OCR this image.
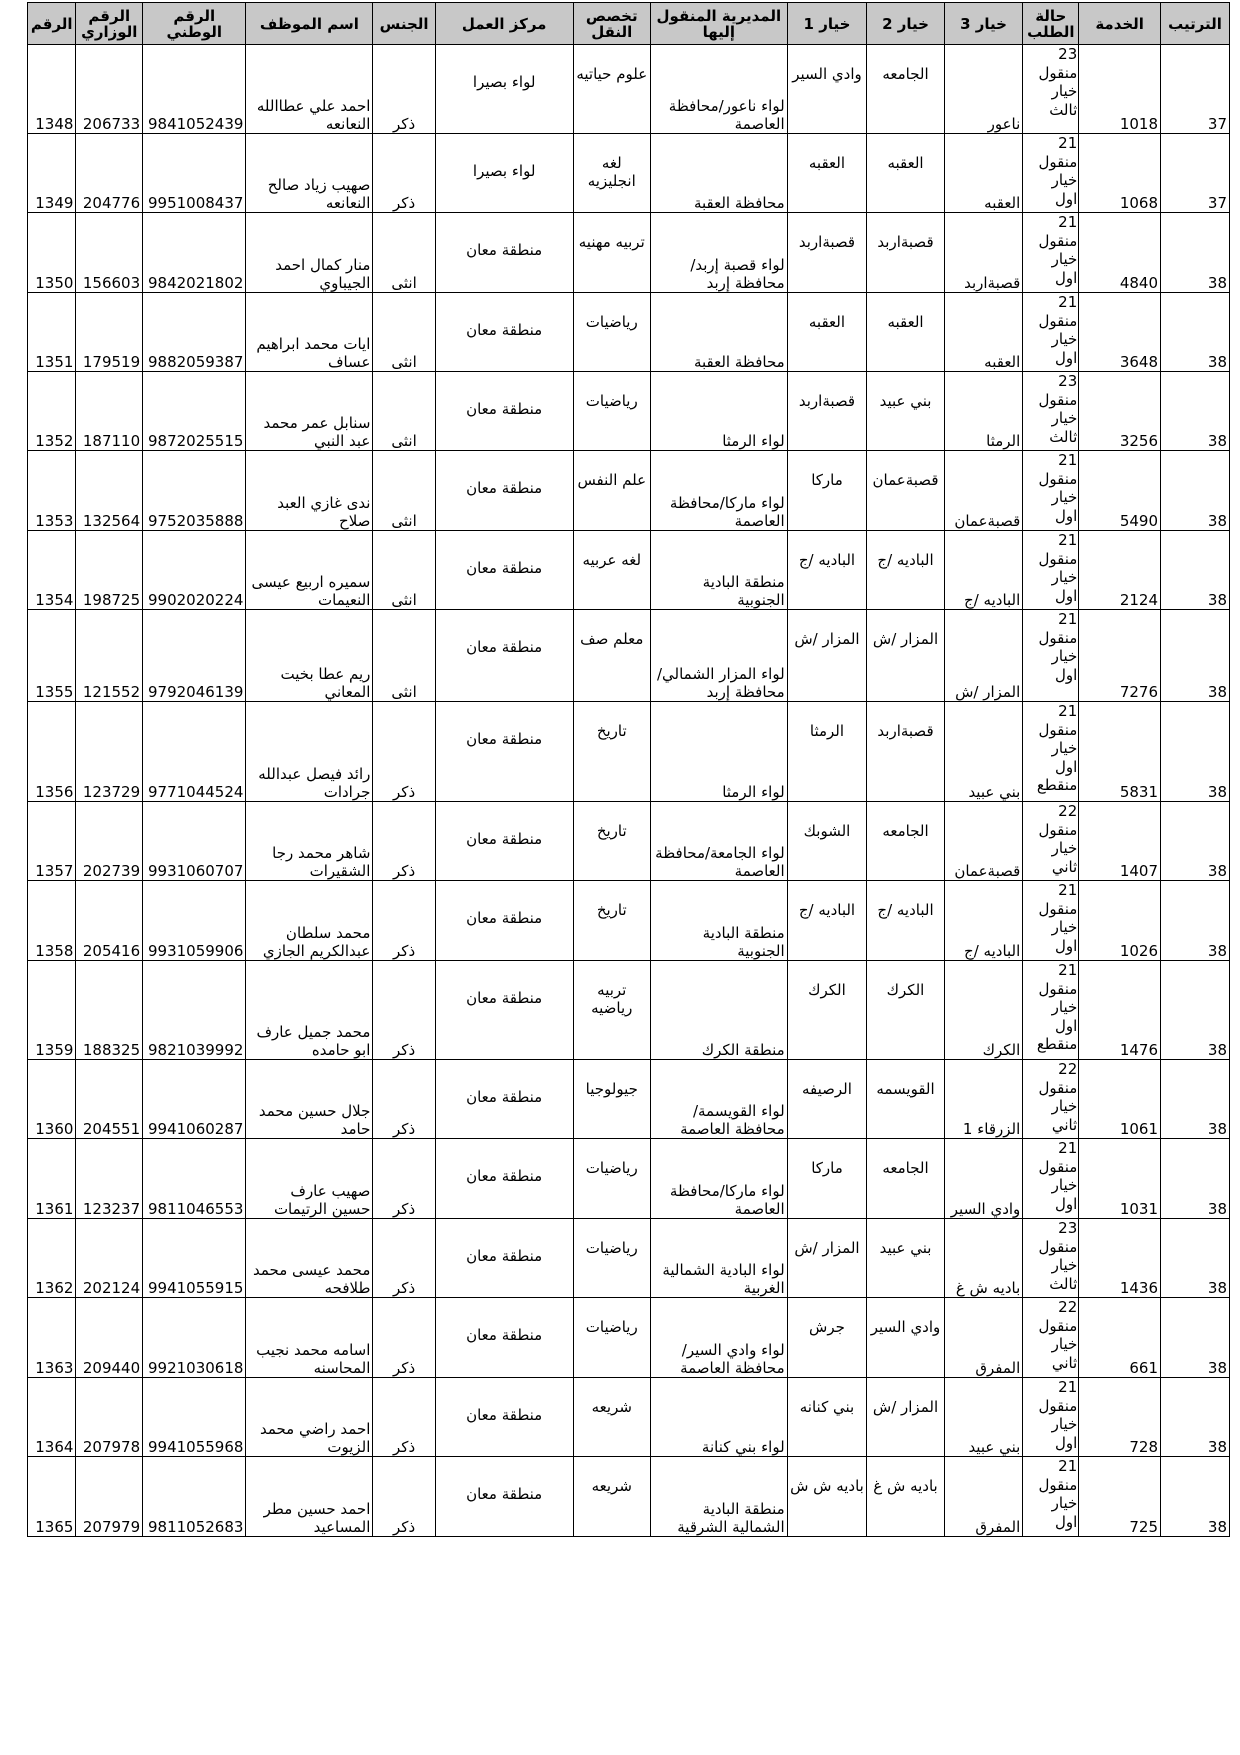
الرقم	الرقم الوزاري	الرقم الوطني	اسم الموظف	الجنس	مركز العمل	تخصص النقل	المديرية المنقول إليها	خيار 1	خيار 2	خيار 3	حالة الطلب	الخدمة	الترتيب
1348	206733	9841052439	احمد علي عطاالله النعانعه	ذكر	لواء بصيرا	علوم حياتيه	لواء ناعور/محافظة العاصمة	وادي السير	الجامعه	ناعور	23
منقول
خيار
ثالث	1018	37
1349	204776	9951008437	صهيب زياد صالح النعانعه	ذكر	لواء بصيرا	لغه انجليزيه	محافظة العقبة	العقبه	العقبه	العقبه	21
منقول
خيار
اول	1068	37
1350	156603	9842021802	منار كمال احمد الجيباوي	انثى	منطقة معان	تربيه مهنيه	لواء قصبة إربد/محافظة إربد	قصبةاربد	قصبةاربد	قصبةاربد	21
منقول
خيار
اول	4840	38
1351	179519	9882059387	ايات محمد ابراهيم عساف	انثى	منطقة معان	رياضيات	محافظة العقبة	العقبه	العقبه	العقبه	21
منقول
خيار
اول	3648	38
1352	187110	9872025515	سنابل عمر محمد عبد النبي	انثى	منطقة معان	رياضيات	لواء الرمثا	قصبةاربد	بني عبيد	الرمثا	23
منقول
خيار
ثالث	3256	38
1353	132564	9752035888	ندى غازي العبد صلاح	انثى	منطقة معان	علم النفس	لواء ماركا/محافظة العاصمة	ماركا	قصبةعمان	قصبةعمان	21
منقول
خيار
اول	5490	38
1354	198725	9902020224	سميره اربيع عيسى النعيمات	انثى	منطقة معان	لغه عربيه	منطقة البادية الجنوبية	الباديه /ج	الباديه /ج	الباديه /ج	21
منقول
خيار
اول	2124	38
1355	121552	9792046139	ريم عطا بخيت المعاني	انثى	منطقة معان	معلم صف	لواء المزار الشمالي/محافظة إربد	المزار /ش	المزار /ش	المزار /ش	21
منقول
خيار
اول	7276	38
1356	123729	9771044524	رائد فيصل عبدالله جرادات	ذكر	منطقة معان	تاريخ	لواء الرمثا	الرمثا	قصبةاربد	بني عبيد	21
منقول
خيار
اول
منقطع	5831	38
1357	202739	9931060707	شاهر محمد رجا الشقيرات	ذكر	منطقة معان	تاريخ	لواء الجامعة/محافظة العاصمة	الشوبك	الجامعه	قصبةعمان	22
منقول
خيار
ثاني	1407	38
1358	205416	9931059906	محمد سلطان عبدالكريم الجازي	ذكر	منطقة معان	تاريخ	منطقة البادية الجنوبية	الباديه /ج	الباديه /ج	الباديه /ج	21
منقول
خيار
اول	1026	38
1359	188325	9821039992	محمد جميل عارف ابو حامده	ذكر	منطقة معان	تربيه رياضيه	منطقة الكرك	الكرك	الكرك	الكرك	21
منقول
خيار
اول
منقطع	1476	38
1360	204551	9941060287	جلال حسين محمد حامد	ذكر	منطقة معان	جيولوجيا	لواء القويسمة/محافظة العاصمة	الرصيفه	القويسمه	الزرقاء 1	22
منقول
خيار
ثاني	1061	38
1361	123237	9811046553	صهيب عارف حسين الرتيمات	ذكر	منطقة معان	رياضيات	لواء ماركا/محافظة العاصمة	ماركا	الجامعه	وادي السير	21
منقول
خيار
اول	1031	38
1362	202124	9941055915	محمد عيسى محمد طلافحه	ذكر	منطقة معان	رياضيات	لواء البادية الشمالية الغربية	المزار /ش	بني عبيد	باديه ش غ	23
منقول
خيار
ثالث	1436	38
1363	209440	9921030618	اسامه محمد نجيب المحاسنه	ذكر	منطقة معان	رياضيات	لواء وادي السير/محافظة العاصمة	جرش	وادي السير	المفرق	22
منقول
خيار
ثاني	661	38
1364	207978	9941055968	احمد راضي محمد الزيوت	ذكر	منطقة معان	شريعه	لواء بني كنانة	بني كنانه	المزار /ش	بني عبيد	21
منقول
خيار
اول	728	38
1365	207979	9811052683	احمد حسين مطر المساعيد	ذكر	منطقة معان	شريعه	منطقة البادية الشمالية الشرقية	باديه ش ش	باديه ش غ	المفرق	21
منقول
خيار
اول	725	38
